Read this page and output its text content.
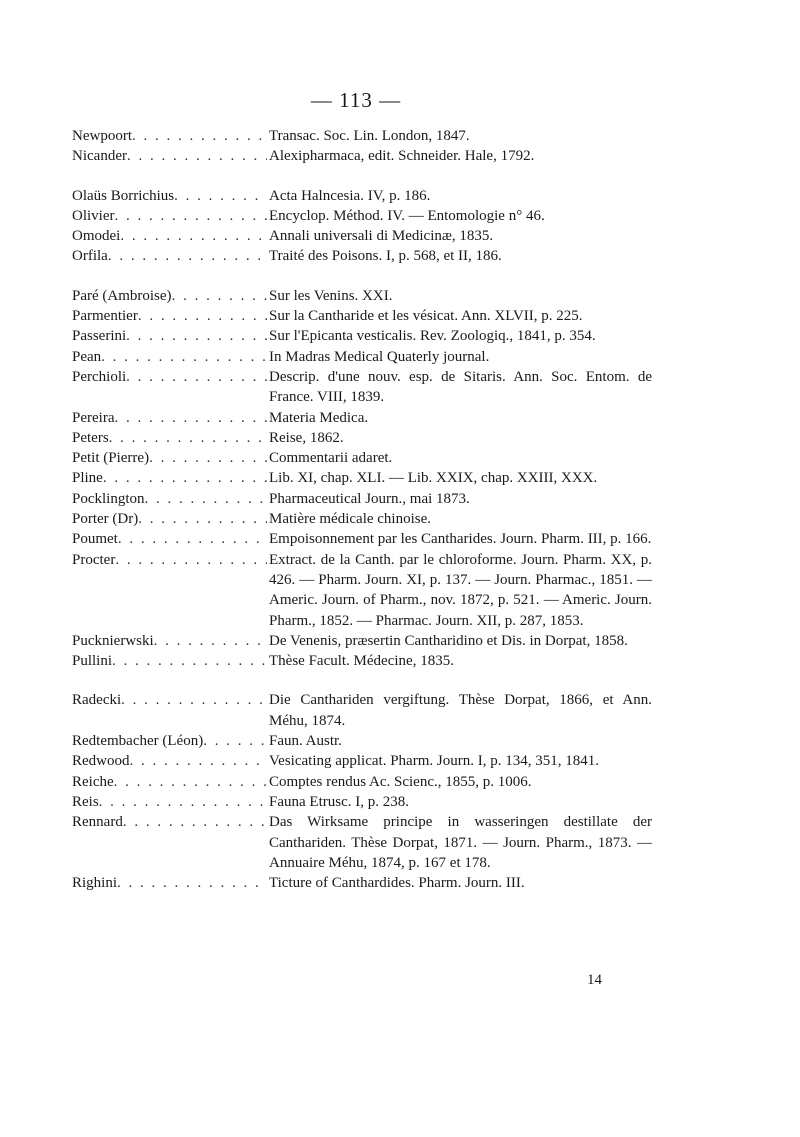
— 113 —
Newpoort . . .	Transac. Soc. Lin. London, 1847.
Nicander . . .	Alexipharmaca, edit. Schneider. Hale, 1792.
Olaüs Borrichius . . .	Acta Halncesia. IV, p. 186.
Olivier . . .	Encyclop. Méthod. IV. — Entomologie n° 46.
Omodei . . .	Annali universali di Medicinæ, 1835.
Orfila . . .	Traité des Poisons. I, p. 568, et II, 186.
Paré (Ambroise) . . .	Sur les Venins. XXI.
Parmentier . . .	Sur la Cantharide et les vésicat. Ann. XLVII, p. 225.
Passerini . . .	Sur l'Epicanta vesticalis. Rev. Zoologiq., 1841, p. 354.
Pean . . .	In Madras Medical Quaterly journal.
Perchioli . . .	Descrip. d'une nouv. esp. de Sitaris. Ann. Soc. Entom. de France. VIII, 1839.
Pereira . . .	Materia Medica.
Peters . . .	Reise, 1862.
Petit (Pierre) . . .	Commentarii adaret.
Pline . . .	Lib. XI, chap. XLI. — Lib. XXIX, chap. XXIII, XXX.
Pocklington . . .	Pharmaceutical Journ., mai 1873.
Porter (Dr) . . .	Matière médicale chinoise.
Poumet . . .	Empoisonnement par les Cantharides. Journ. Pharm. III, p. 166.
Procter . . .	Extract. de la Canth. par le chloroforme. Journ. Pharm. XX, p. 426. — Pharm. Journ. XI, p. 137. — Journ. Pharmac., 1851. — Americ. Journ. of Pharm., nov. 1872, p. 521. — Americ. Journ. Pharm., 1852. — Pharmac. Journ. XII, p. 287, 1853.
Pucknierwski . . .	De Venenis, præsertin Cantharidino et Dis. in Dorpat, 1858.
Pullini . . .	Thèse Facult. Médecine, 1835.
Radecki . . .	Die Canthariden vergiftung. Thèse Dorpat, 1866, et Ann. Méhu, 1874.
Redtembacher (Léon) . . .	Faun. Austr.
Redwood . . .	Vesicating applicat. Pharm. Journ. I, p. 134, 351, 1841.
Reiche . . .	Comptes rendus Ac. Scienc., 1855, p. 1006.
Reis . . .	Fauna Etrusc. I, p. 238.
Rennard . . .	Das Wirksame principe in wasseringen destillate der Canthariden. Thèse Dorpat, 1871. — Journ. Pharm., 1873. — Annuaire Méhu, 1874, p. 167 et 178.
Righini . . .	Ticture of Canthardides. Pharm. Journ. III.
14
